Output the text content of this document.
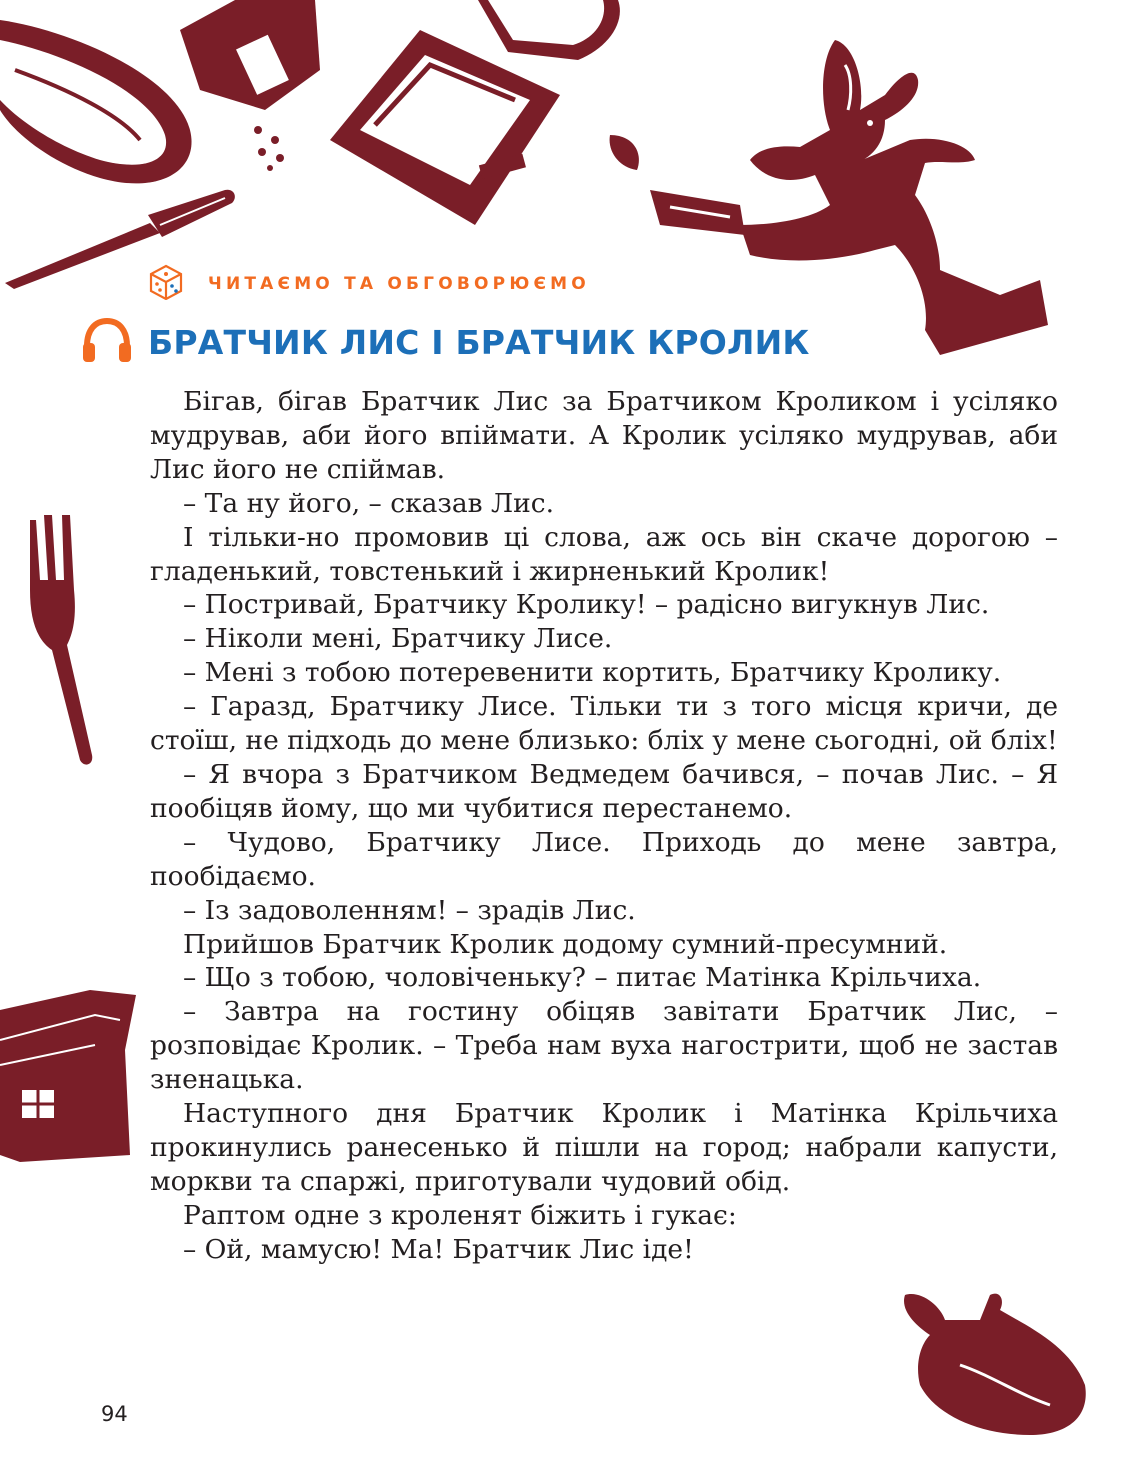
ЧИТАЄМО ТА ОБГОВОРЮЄМО
БРАТЧИК ЛИС І БРАТЧИК КРОЛИК

Бігав, бігав Братчик Лис за Братчиком Кроликом і усіляко мудрував, аби його впіймати. А Кролик усіляко мудрував, аби Лис його не спіймав.

– Та ну його, – сказав Лис.

І тільки-но промовив ці слова, аж ось він скаче дорогою – гладенький, товстенький і жирненький Кролик!

– Постривай, Братчику Кролику! – радісно вигукнув Лис.

– Ніколи мені, Братчику Лисе.

– Мені з тобою потеревенити кортить, Братчику Кролику.

– Гаразд, Братчику Лисе. Тільки ти з того місця кричи, де стоїш, не підходь до мене близько: бліх у мене сьогодні, ой бліх!

– Я вчора з Братчиком Ведмедем бачився, – почав Лис. – Я пообіцяв йому, що ми чубитися перестанемо.

– Чудово, Братчику Лисе. Приходь до мене завтра, пообідаємо.

– Із задоволенням! – зрадів Лис.

Прийшов Братчик Кролик додому сумний-пресумний.

– Що з тобою, чоловіченьку? – питає Матінка Крільчиха.

– Завтра на гостину обіцяв завітати Братчик Лис, – розповідає Кролик. – Треба нам вуха нагострити, щоб не застав зненацька.

Наступного дня Братчик Кролик і Матінка Крільчиха прокинулись ранесенько й пішли на город; набрали капусти, моркви та спаржі, приготували чудовий обід.

Раптом одне з кроленят біжить і гукає:

– Ой, мамусю! Ма! Братчик Лис іде!

94
